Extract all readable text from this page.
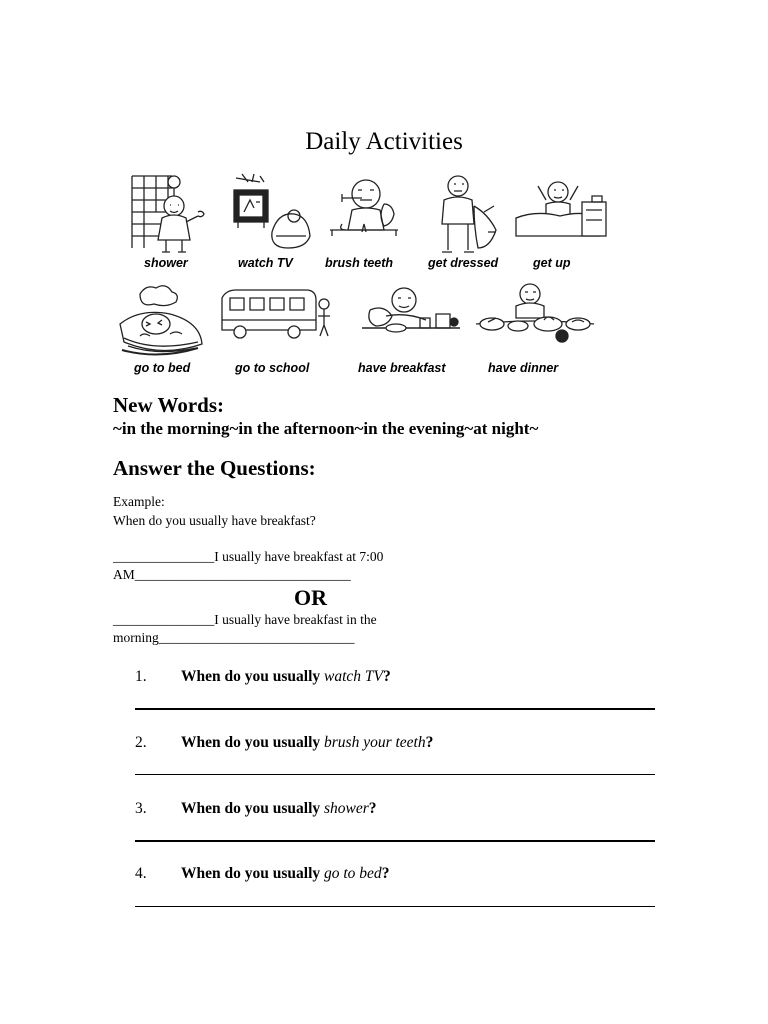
Daily Activities
shower	watch TV	brush teeth	get dressed	get up
go to bed	go to school	have breakfast	have dinner
New Words:
~in the morning~in the afternoon~in the evening~at night~
Answer the Questions:
Example:
When do you usually have breakfast?
_______________I usually have breakfast at 7:00
AM________________________________
OR
_______________I usually have breakfast in the
morning_____________________________
1. When do you usually watch TV?
2. When do you usually brush your teeth?
3. When do you usually shower?
4. When do you usually go to bed?
